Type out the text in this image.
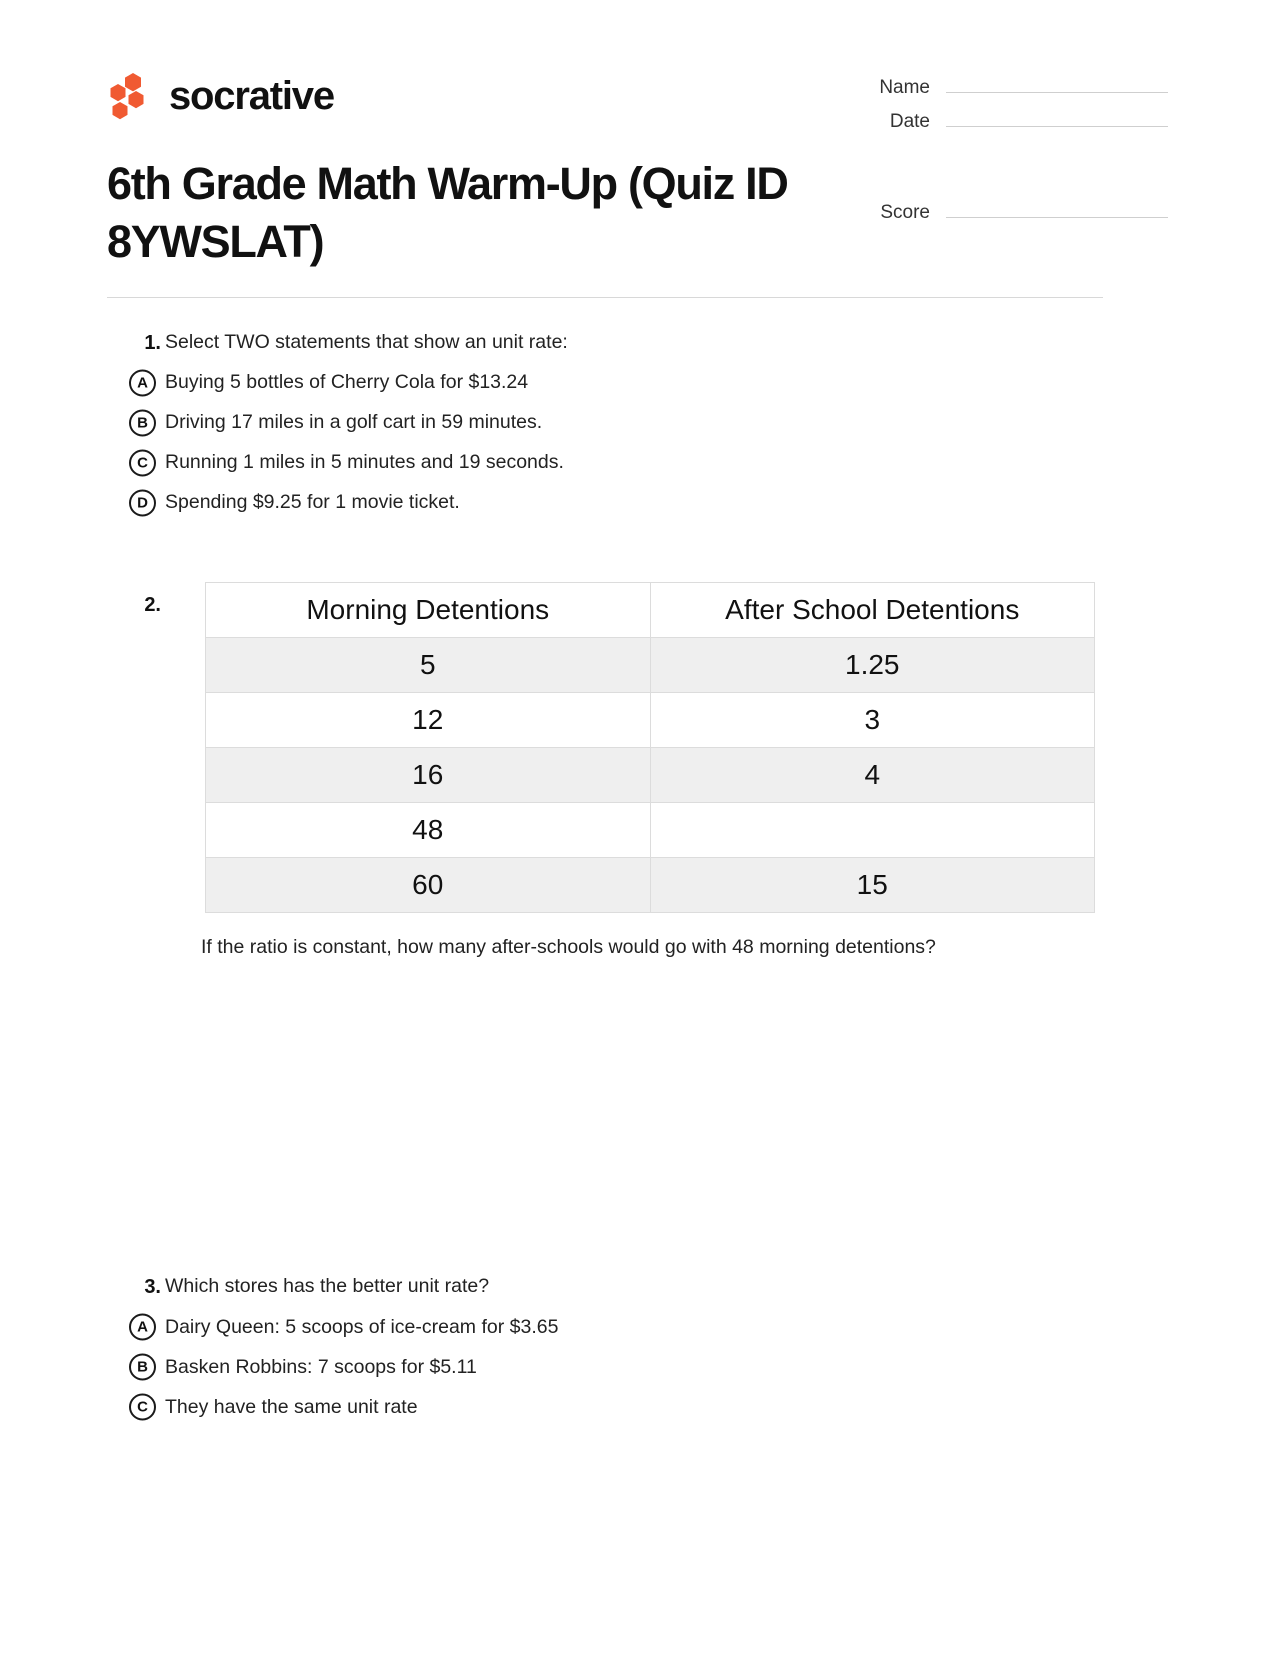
socrative	Name
Date
Score
6th Grade Math Warm-Up (Quiz ID 8YWSLAT)
1. Select TWO statements that show an unit rate:
A Buying 5 bottles of Cherry Cola for $13.24
B Driving 17 miles in a golf cart in 59 minutes.
C Running 1 miles in 5 minutes and 19 seconds.
D Spending $9.25 for 1 movie ticket.
2.	Morning Detentions	After School Detentions
5	1.25
12	3
16	4
48	
60	15
If the ratio is constant, how many after-schools would go with 48 morning detentions?
3. Which stores has the better unit rate?
A Dairy Queen: 5 scoops of ice-cream for $3.65
B Basken Robbins: 7 scoops for $5.11
C They have the same unit rate
